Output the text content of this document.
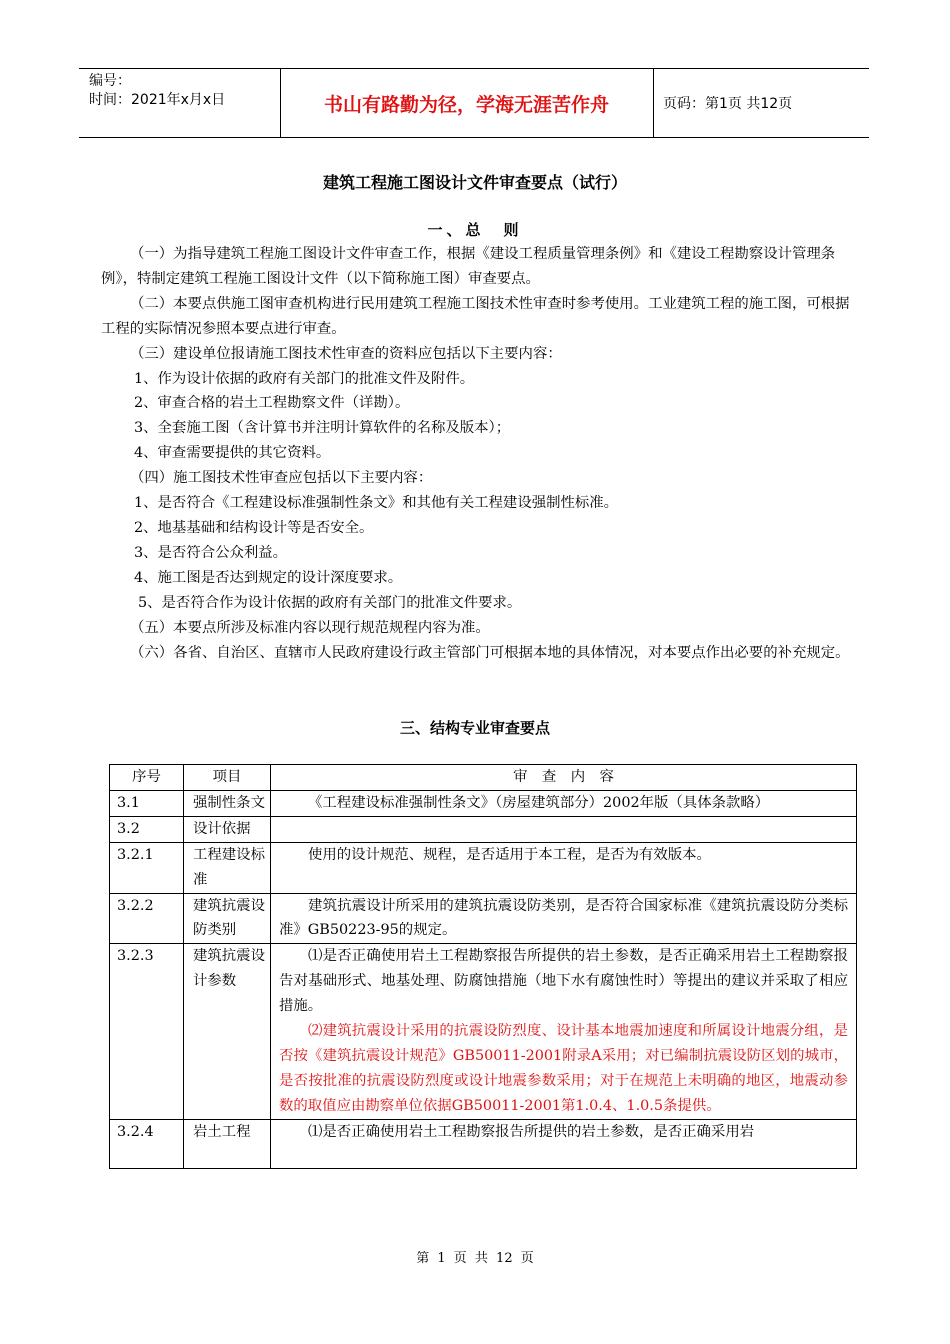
编号：
时间：2021年x月x日	书山有路勤为径，学海无涯苦作舟	页码：第1页 共12页
建筑工程施工图设计文件审查要点（试行）
一、总　则

（一）为指导建筑工程施工图设计文件审查工作，根据《建设工程质量管理条例》和《建设工程勘察设计管理条例》，特制定建筑工程施工图设计文件（以下简称施工图）审查要点。

（二）本要点供施工图审查机构进行民用建筑工程施工图技术性审查时参考使用。工业建筑工程的施工图，可根据工程的实际情况参照本要点进行审查。

（三）建设单位报请施工图技术性审查的资料应包括以下主要内容：

1、作为设计依据的政府有关部门的批准文件及附件。

2、审查合格的岩土工程勘察文件（详勘）。

3、全套施工图（含计算书并注明计算软件的名称及版本）；

4、审查需要提供的其它资料。

（四）施工图技术性审查应包括以下主要内容：

1、是否符合《工程建设标准强制性条文》和其他有关工程建设强制性标准。

2、地基基础和结构设计等是否安全。

3、是否符合公众利益。

4、施工图是否达到规定的设计深度要求。

5、是否符合作为设计依据的政府有关部门的批准文件要求。

（五）本要点所涉及标准内容以现行规范规程内容为准。

（六）各省、自治区、直辖市人民政府建设行政主管部门可根据本地的具体情况，对本要点作出必要的补充规定。

三、结构专业审查要点
序号	项目	审　查　内　容
3.1	强制性条文	《工程建设标准强制性条文》（房屋建筑部分）2002年版（具体条款略）

3.2	设计依据	
3.2.1	工程建设标准	使用的设计规范、规程，是否适用于本工程，是否为有效版本。

3.2.2	建筑抗震设防类别	建筑抗震设计所采用的建筑抗震设防类别，是否符合国家标准《建筑抗震设防分类标准》GB50223-95的规定。

3.2.3	建筑抗震设计参数	⑴是否正确使用岩土工程勘察报告所提供的岩土参数，是否正确采用岩土工程勘察报告对基础形式、地基处理、防腐蚀措施（地下水有腐蚀性时）等提出的建议并采取了相应措施。

⑵建筑抗震设计采用的抗震设防烈度、设计基本地震加速度和所属设计地震分组，是否按《建筑抗震设计规范》GB50011-2001附录A采用；对已编制抗震设防区划的城市，是否按批准的抗震设防烈度或设计地震参数采用；对于在规范上未明确的地区，地震动参数的取值应由勘察单位依据GB50011-2001第1.0.4、1.0.5条提供。

3.2.4	岩土工程	⑴是否正确使用岩土工程勘察报告所提供的岩土参数，是否正确采用岩

第 1 页 共 12 页
